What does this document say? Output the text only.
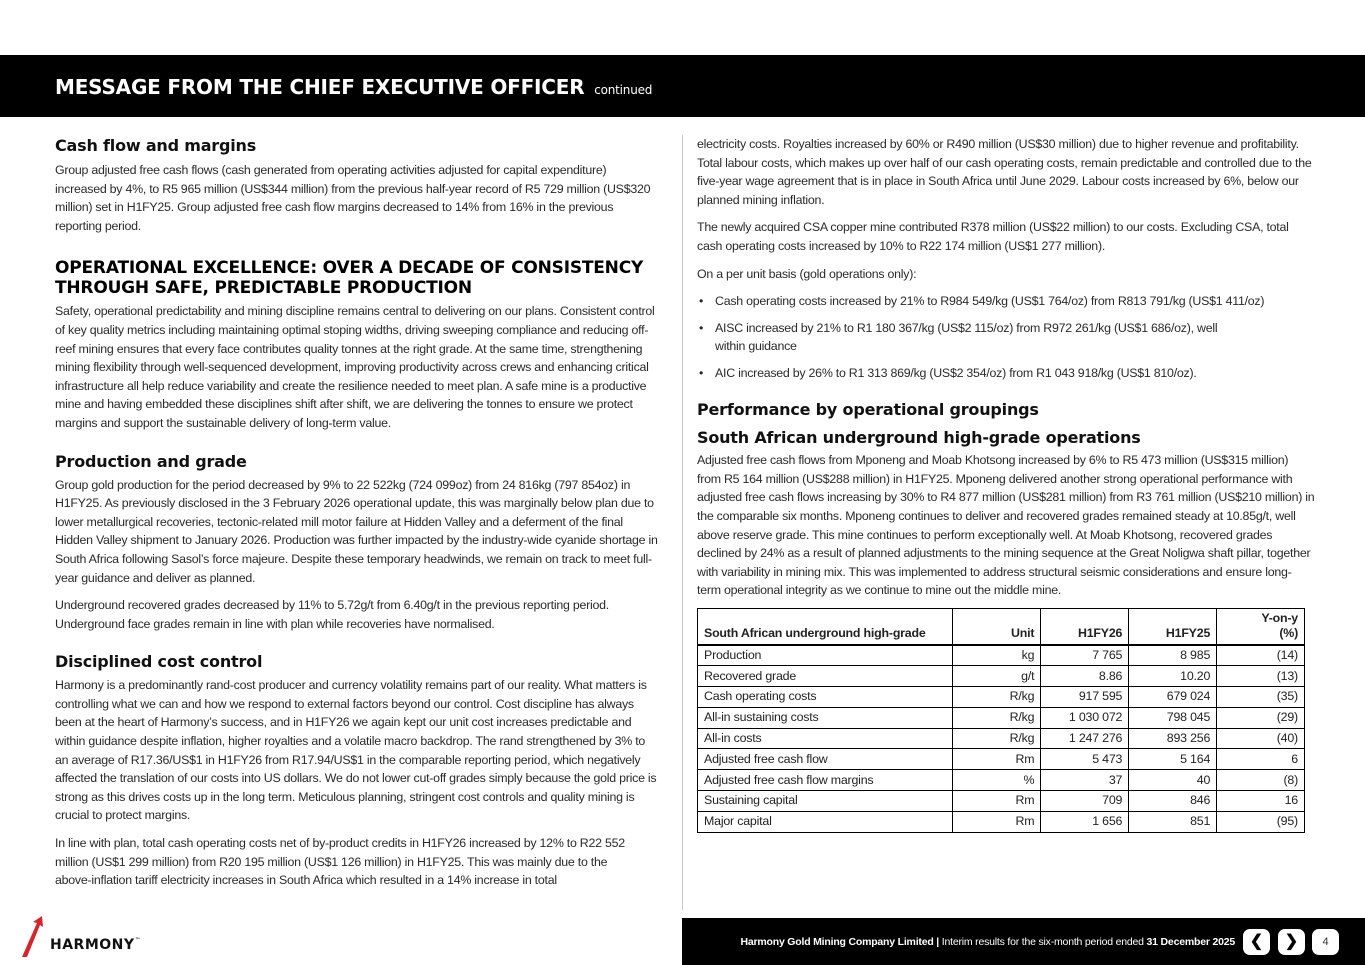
MESSAGE FROM THE CHIEF EXECUTIVE OFFICER continued
Cash flow and margins

Group adjusted free cash flows (cash generated from operating activities adjusted for capital expenditure) increased by 4%, to R5 965 million (US$344 million) from the previous half-year record of R5 729 million (US$320 million) set in H1FY25. Group adjusted free cash flow margins decreased to 14% from 16% in the previous reporting period.

OPERATIONAL EXCELLENCE: OVER A DECADE OF CONSISTENCY
THROUGH SAFE, PREDICTABLE PRODUCTION

Safety, operational predictability and mining discipline remains central to delivering on our plans. Consistent control of key quality metrics including maintaining optimal stoping widths, driving sweeping compliance and reducing off-reef mining ensures that every face contributes quality tonnes at the right grade. At the same time, strengthening mining flexibility through well-sequenced development, improving productivity across crews and enhancing critical infrastructure all help reduce variability and create the resilience needed to meet plan. A safe mine is a productive mine and having embedded these disciplines shift after shift, we are delivering the tonnes to ensure we protect margins and support the sustainable delivery of long-term value.

Production and grade

Group gold production for the period decreased by 9% to 22 522kg (724 099oz) from 24 816kg (797 854oz) in H1FY25. As previously disclosed in the 3 February 2026 operational update, this was marginally below plan due to lower metallurgical recoveries, tectonic-related mill motor failure at Hidden Valley and a deferment of the final Hidden Valley shipment to January 2026. Production was further impacted by the industry-wide cyanide shortage in South Africa following Sasol’s force majeure. Despite these temporary headwinds, we remain on track to meet full-year guidance and deliver as planned.

Underground recovered grades decreased by 11% to 5.72g/t from 6.40g/t in the previous reporting period. Underground face grades remain in line with plan while recoveries have normalised.

Disciplined cost control

Harmony is a predominantly rand-cost producer and currency volatility remains part of our reality. What matters is controlling what we can and how we respond to external factors beyond our control. Cost discipline has always been at the heart of Harmony’s success, and in H1FY26 we again kept our unit cost increases predictable and within guidance despite inflation, higher royalties and a volatile macro backdrop. The rand strengthened by 3% to an average of R17.36/US$1 in H1FY26 from R17.94/US$1 in the comparable reporting period, which negatively affected the translation of our costs into US dollars. We do not lower cut-off grades simply because the gold price is strong as this drives costs up in the long term. Meticulous planning, stringent cost controls and quality mining is crucial to protect margins.

In line with plan, total cash operating costs net of by-product credits in H1FY26 increased by 12% to R22 552 million (US$1 299 million) from R20 195 million (US$1 126 million) in H1FY25. This was mainly due to the above-inflation tariff electricity increases in South Africa which resulted in a 14% increase in total

electricity costs. Royalties increased by 60% or R490 million (US$30 million) due to higher revenue and profitability. Total labour costs, which makes up over half of our cash operating costs, remain predictable and controlled due to the five-year wage agreement that is in place in South Africa until June 2029. Labour costs increased by 6%, below our planned mining inflation.

The newly acquired CSA copper mine contributed R378 million (US$22 million) to our costs. Excluding CSA, total cash operating costs increased by 10% to R22 174 million (US$1 277 million).

On a per unit basis (gold operations only):

• Cash operating costs increased by 21% to R984 549/kg (US$1 764/oz) from R813 791/kg (US$1 411/oz)
• AISC increased by 21% to R1 180 367/kg (US$2 115/oz) from R972 261/kg (US$1 686/oz), well within guidance
• AIC increased by 26% to R1 313 869/kg (US$2 354/oz) from R1 043 918/kg (US$1 810/oz).
Performance by operational groupings
South African underground high-grade operations

Adjusted free cash flows from Mponeng and Moab Khotsong increased by 6% to R5 473 million (US$315 million) from R5 164 million (US$288 million) in H1FY25. Mponeng delivered another strong operational performance with adjusted free cash flows increasing by 30% to R4 877 million (US$281 million) from R3 761 million (US$210 million) in the comparable six months. Mponeng continues to deliver and recovered grades remained steady at 10.85g/t, well above reserve grade. This mine continues to perform exceptionally well. At Moab Khotsong, recovered grades declined by 24% as a result of planned adjustments to the mining sequence at the Great Noligwa shaft pillar, together with variability in mining mix. This was implemented to address structural seismic considerations and ensure long-term operational integrity as we continue to mine out the middle mine.

South African underground high-grade	Unit	H1FY26	H1FY25	Y-on-y
(%)
Production	kg	7 765	8 985	(14)
Recovered grade	g/t	8.86	10.20	(13)
Cash operating costs	R/kg	917 595	679 024	(35)
All-in sustaining costs	R/kg	1 030 072	798 045	(29)
All-in costs	R/kg	1 247 276	893 256	(40)
Adjusted free cash flow	Rm	5 473	5 164	6
Adjusted free cash flow margins	%	37	40	(8)
Sustaining capital	Rm	709	846	16
Major capital	Rm	1 656	851	(95)
HARMONY™	Harmony Gold Mining Company Limited | Interim results for the six-month period ended 31 December 2025 ❮	❯	4
